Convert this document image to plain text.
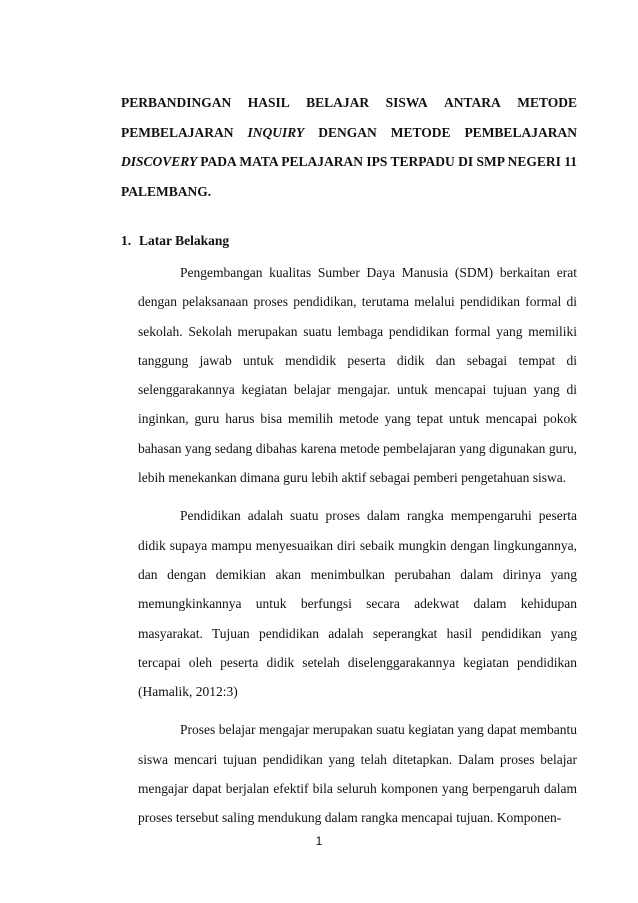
PERBANDINGAN HASIL BELAJAR SISWA ANTARA METODE
PEMBELAJARAN INQUIRY DENGAN METODE PEMBELAJARAN
DISCOVERY PADA MATA PELAJARAN IPS TERPADU DI SMP NEGERI 11
PALEMBANG.
1. Latar Belakang

Pengembangan kualitas Sumber Daya Manusia (SDM) berkaitan erat dengan pelaksanaan proses pendidikan, terutama melalui pendidikan formal di sekolah. Sekolah merupakan suatu lembaga pendidikan formal yang memiliki tanggung jawab untuk mendidik peserta didik dan sebagai tempat di selenggarakannya kegiatan belajar mengajar. untuk mencapai tujuan yang di inginkan, guru harus bisa memilih metode yang tepat untuk mencapai pokok bahasan yang sedang dibahas karena metode pembelajaran yang digunakan guru, lebih menekankan dimana guru lebih aktif sebagai pemberi pengetahuan siswa.

Pendidikan adalah suatu proses dalam rangka mempengaruhi peserta didik supaya mampu menyesuaikan diri sebaik mungkin dengan lingkungannya, dan dengan demikian akan menimbulkan perubahan dalam dirinya yang memungkinkannya untuk berfungsi secara adekwat dalam kehidupan masyarakat. Tujuan pendidikan adalah seperangkat hasil pendidikan yang tercapai oleh peserta didik setelah diselenggarakannya kegiatan pendidikan (Hamalik, 2012:3)

Proses belajar mengajar merupakan suatu kegiatan yang dapat membantu siswa mencari tujuan pendidikan yang telah ditetapkan. Dalam proses belajar mengajar dapat berjalan efektif bila seluruh komponen yang berpengaruh dalam proses tersebut saling mendukung dalam rangka mencapai tujuan. Komponen-

1
